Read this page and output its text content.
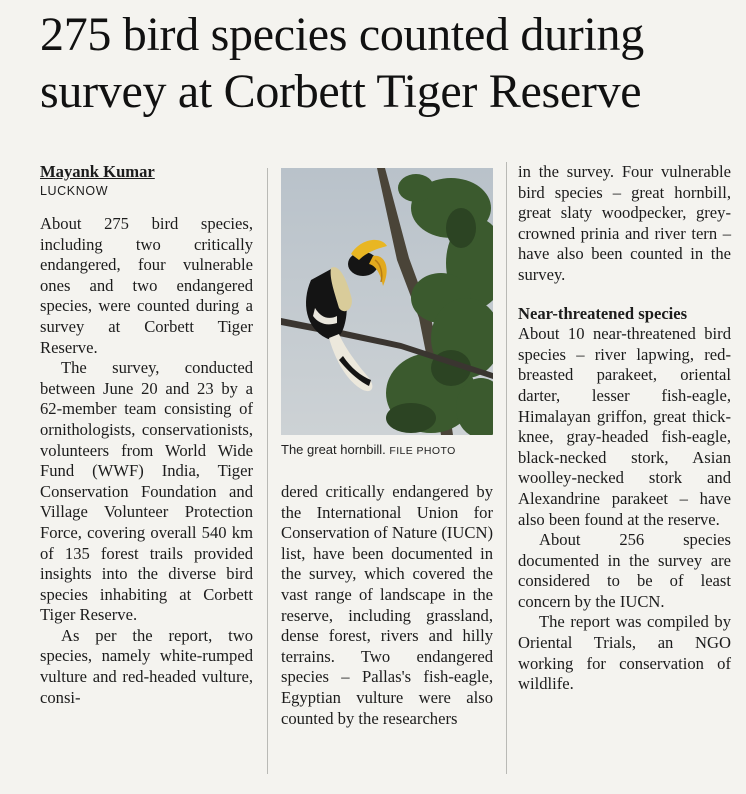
275 bird species counted during survey at Corbett Tiger Reserve
Mayank Kumar
LUCKNOW

About 275 bird species, including two critically endangered, four vulnerable ones and two endangered species, were counted during a survey at Corbett Tiger Reserve.

The survey, conducted between June 20 and 23 by a 62-member team consisting of ornithologists, conservationists, volunteers from World Wide Fund (WWF) India, Tiger Conservation Foundation and Village Volunteer Protection Force, covering overall 540 km of 135 forest trails provided insights into the diverse bird species inhabiting at Corbett Tiger Reserve.

As per the report, two species, namely white-rumped vulture and red-headed vulture, consi-

The great hornbill. FILE PHOTO

dered critically endangered by the International Union for Conservation of Nature (IUCN) list, have been documented in the survey, which covered the vast range of landscape in the reserve, including grassland, dense forest, rivers and hilly terrains. Two endangered species – Pallas's fish-eagle, Egyptian vulture were also counted by the researchers

in the survey. Four vulnerable bird species – great hornbill, great slaty woodpecker, grey-crowned prinia and river tern – have also been counted in the survey.

Near-threatened species

About 10 near-threatened bird species – river lapwing, red-breasted parakeet, oriental darter, lesser fish-eagle, Himalayan griffon, great thick-knee, gray-headed fish-eagle, black-necked stork, Asian woolley-necked stork and Alexandrine parakeet – have also been found at the reserve.

About 256 species documented in the survey are considered to be of least concern by the IUCN.

The report was compiled by Oriental Trials, an NGO working for conservation of wildlife.
